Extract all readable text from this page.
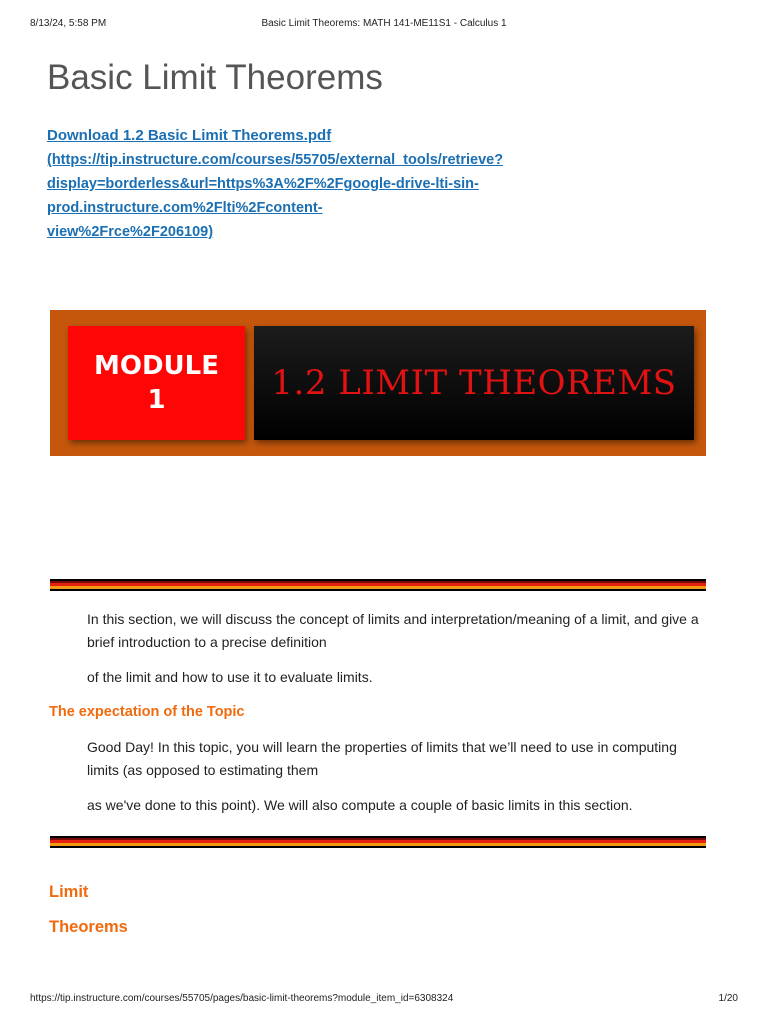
8/13/24, 5:58 PM	Basic Limit Theorems: MATH 141-ME11S1 - Calculus 1
Basic Limit Theorems
Download 1.2 Basic Limit Theorems.pdf
(https://tip.instructure.com/courses/55705/external_tools/retrieve?
display=borderless&url=https%3A%2F%2Fgoogle-drive-lti-sin-prod.instructure.com%2Flti%2Fcontent-
view%2Frce%2F206109)
MODULE
1	1.2 LIMIT THEOREMS

In this section, we will discuss the concept of limits and interpretation/meaning of a limit, and give a brief introduction to a precise definition

of the limit and how to use it to evaluate limits.

The expectation of the Topic

Good Day! In this topic, you will learn the properties of limits that we’ll need to use in computing limits (as opposed to estimating them

as we've done to this point). We will also compute a couple of basic limits in this section.

Limit

Theorems

https://tip.instructure.com/courses/55705/pages/basic-limit-theorems?module_item_id=6308324	1/20
